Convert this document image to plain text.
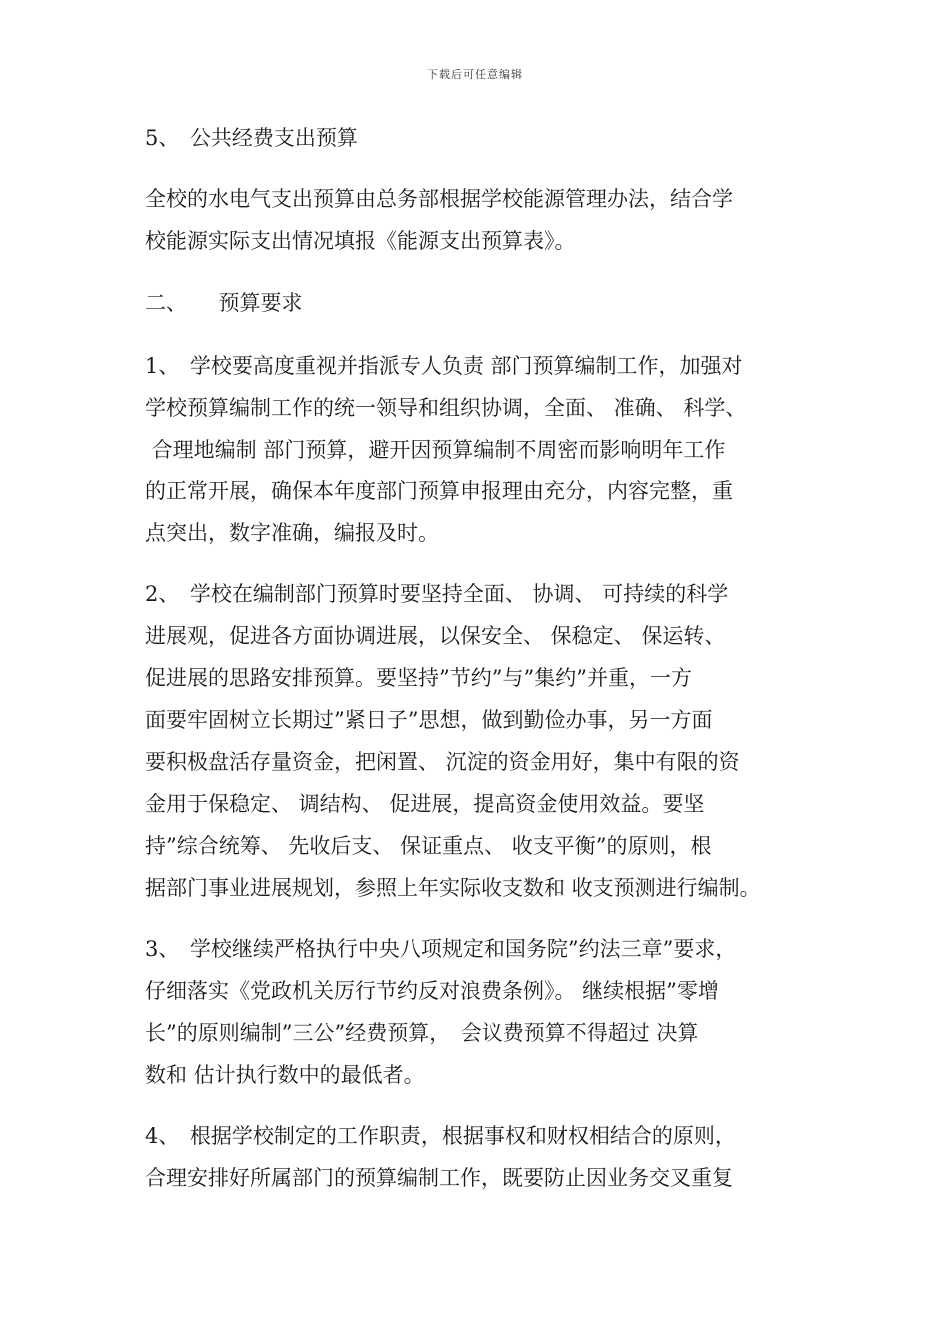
下载后可任意编辑
5、　公共经费支出预算
全校的水电气支出预算由总务部根据学校能源管理办法，结合学
校能源实际支出情况填报《能源支出预算表》。
二、　　预算要求
1、　学校要高度重视并指派专人负责 部门预算编制工作，加强对
学校预算编制工作的统一领导和组织协调，全面、 准确、 科学、
合理地编制 部门预算，避开因预算编制不周密而影响明年工作
的正常开展，确保本年度部门预算申报理由充分，内容完整，重
点突出，数字准确，编报及时。
2、　学校在编制部门预算时要坚持全面、 协调、 可持续的科学
进展观，促进各方面协调进展，以保安全、 保稳定、 保运转、
促进展的思路安排预算。要坚持”节约”与”集约”并重，一方
面要牢固树立长期过”紧日子”思想，做到勤俭办事，另一方面
要积极盘活存量资金，把闲置、 沉淀的资金用好，集中有限的资
金用于保稳定、 调结构、 促进展，提高资金使用效益。要坚
持”综合统筹、 先收后支、 保证重点、 收支平衡”的原则，根
据部门事业进展规划，参照上年实际收支数和 收支预测进行编制。
3、　学校继续严格执行中央八项规定和国务院”约法三章”要求，
仔细落实《党政机关厉行节约反对浪费条例》。 继续根据”零增
长”的原则编制”三公”经费预算，　会议费预算不得超过 决算
数和 估计执行数中的最低者。
4、　根据学校制定的工作职责，根据事权和财权相结合的原则，
合理安排好所属部门的预算编制工作，既要防止因业务交叉重复
